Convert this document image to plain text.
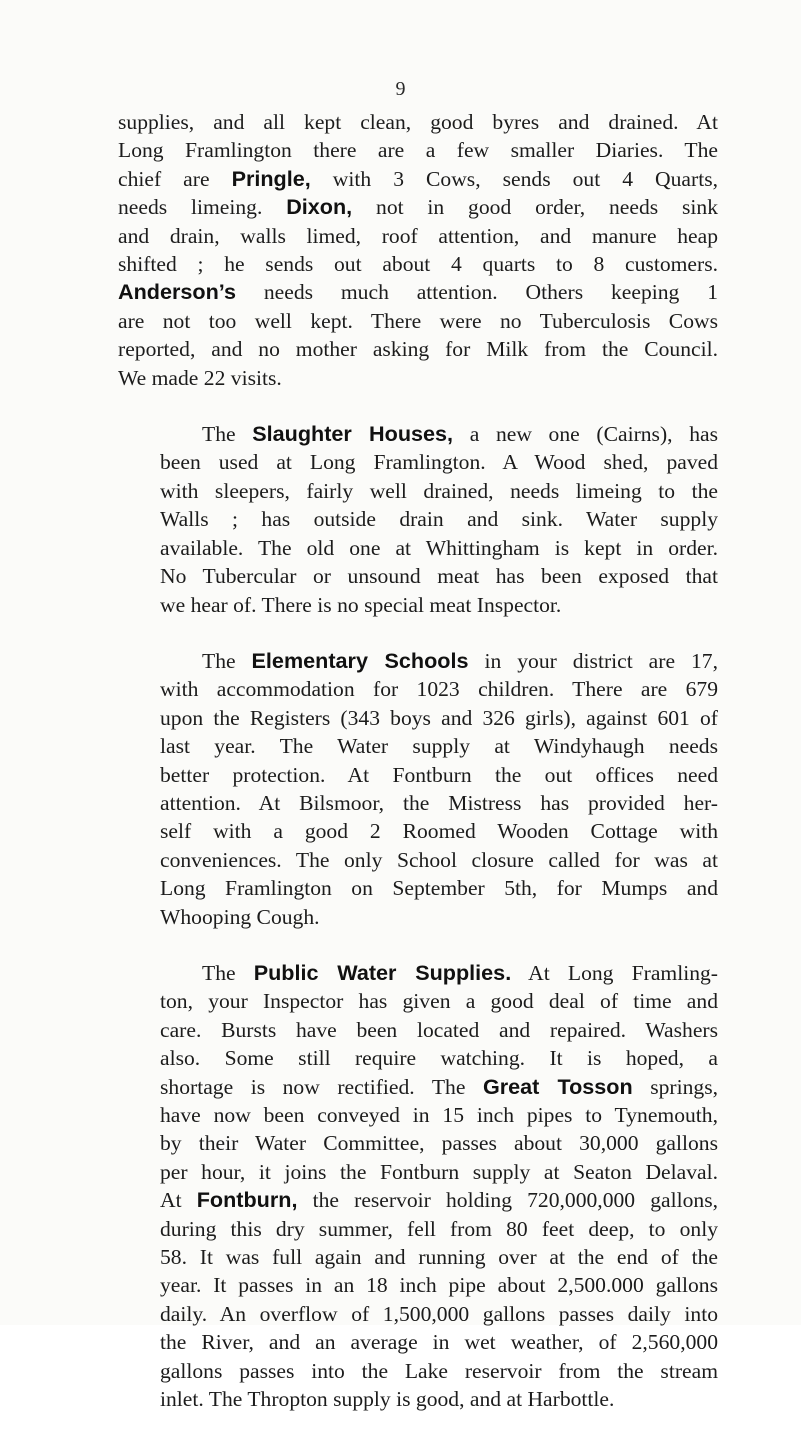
9
supplies, and all kept clean, good byres and drained. At
Long Framlington there are a few smaller Diaries. The
chief are Pringle, with 3 Cows, sends out 4 Quarts,
needs limeing. Dixon, not in good order, needs sink
and drain, walls limed, roof attention, and manure heap
shifted ; he sends out about 4 quarts to 8 customers.
Anderson’s needs much attention. Others keeping 1
are not too well kept. There were no Tuberculosis Cows
reported, and no mother asking for Milk from the Council.
We made 22 visits.
The Slaughter Houses, a new one (Cairns), has
been used at Long Framlington. A Wood shed, paved
with sleepers, fairly well drained, needs limeing to the
Walls ; has outside drain and sink. Water supply
available. The old one at Whittingham is kept in order.
No Tubercular or unsound meat has been exposed that
we hear of. There is no special meat Inspector.
The Elementary Schools in your district are 17,
with accommodation for 1023 children. There are 679
upon the Registers (343 boys and 326 girls), against 601 of
last year. The Water supply at Windyhaugh needs
better protection. At Fontburn the out offices need
attention. At Bilsmoor, the Mistress has provided her-
self with a good 2 Roomed Wooden Cottage with
conveniences. The only School closure called for was at
Long Framlington on September 5th, for Mumps and
Whooping Cough.
The Public Water Supplies. At Long Framling-
ton, your Inspector has given a good deal of time and
care. Bursts have been located and repaired. Washers
also. Some still require watching. It is hoped, a
shortage is now rectified. The Great Tosson springs,
have now been conveyed in 15 inch pipes to Tynemouth,
by their Water Committee, passes about 30,000 gallons
per hour, it joins the Fontburn supply at Seaton Delaval.
At Fontburn, the reservoir holding 720,000,000 gallons,
during this dry summer, fell from 80 feet deep, to only
58. It was full again and running over at the end of the
year. It passes in an 18 inch pipe about 2,500.000 gallons
daily. An overflow of 1,500,000 gallons passes daily into
the River, and an average in wet weather, of 2,560,000
gallons passes into the Lake reservoir from the stream
inlet. The Thropton supply is good, and at Harbottle.
